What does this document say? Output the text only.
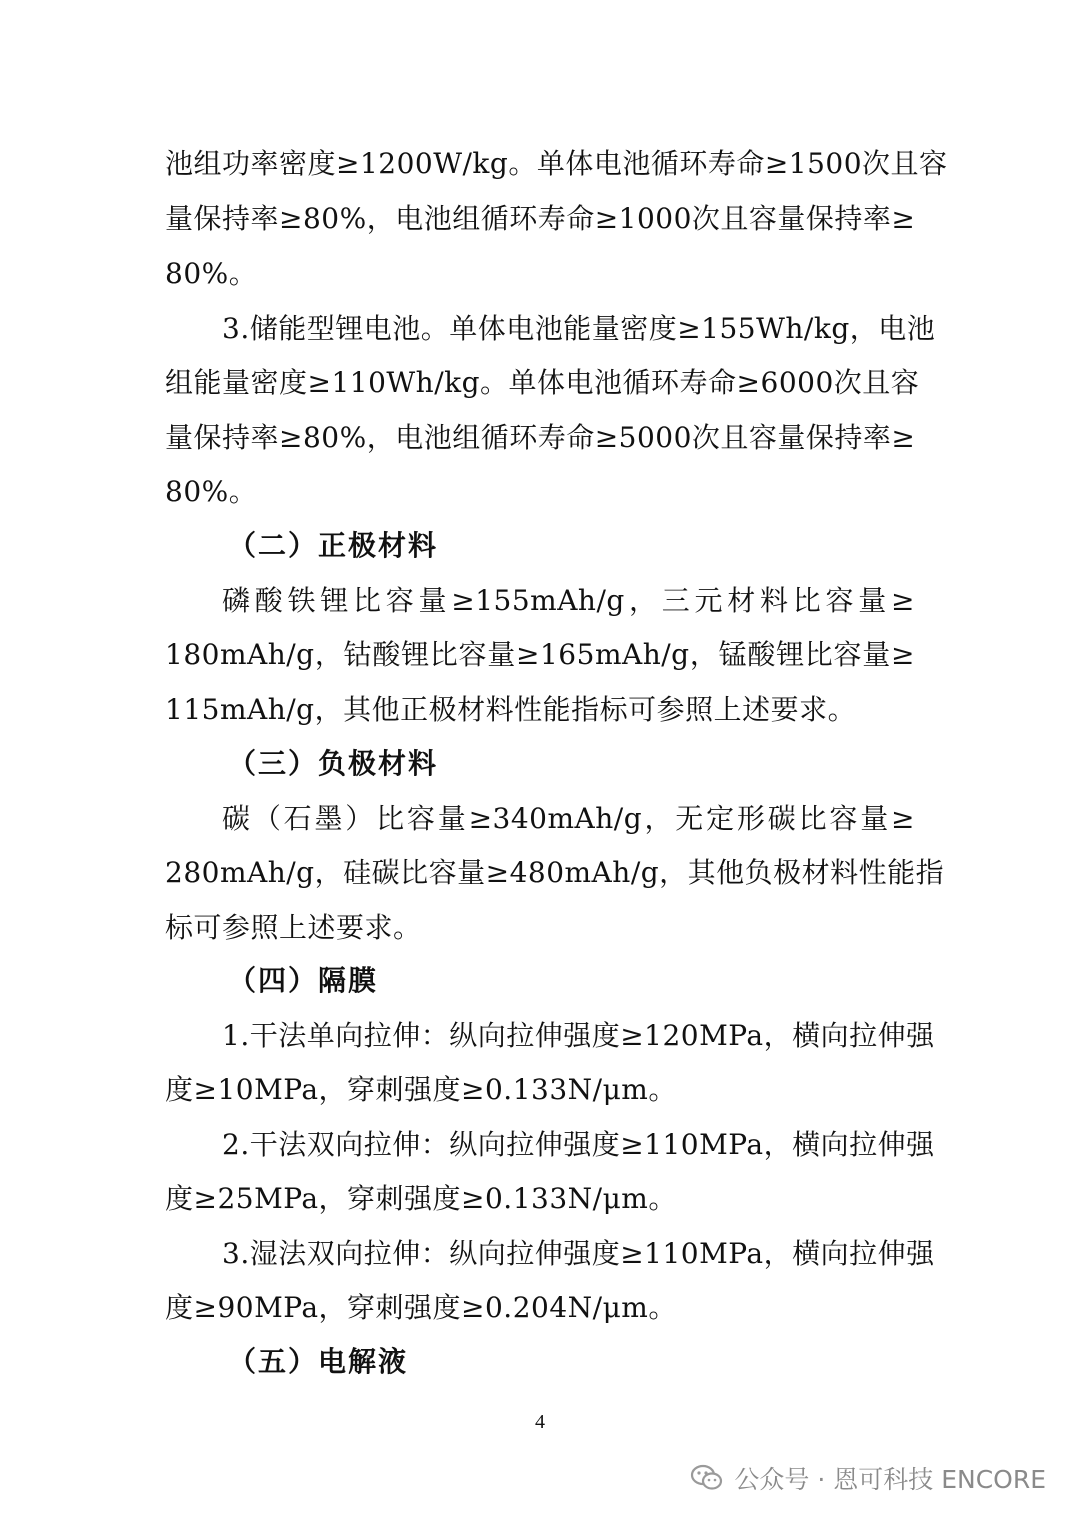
池组功率密度≥1200W/kg。单体电池循环寿命≥1500次且容
量保持率≥80%，电池组循环寿命≥1000次且容量保持率≥
80%。
3.储能型锂电池。单体电池能量密度≥155Wh/kg，电池
组能量密度≥110Wh/kg。单体电池循环寿命≥6000次且容
量保持率≥80%，电池组循环寿命≥5000次且容量保持率≥
80%。
（二）正极材料
磷酸铁锂比容量≥155mAh/g，三元材料比容量≥
180mAh/g，钴酸锂比容量≥165mAh/g，锰酸锂比容量≥
115mAh/g，其他正极材料性能指标可参照上述要求。
（三）负极材料
碳（石墨）比容量≥340mAh/g，无定形碳比容量≥
280mAh/g，硅碳比容量≥480mAh/g，其他负极材料性能指
标可参照上述要求。
（四）隔膜
1.干法单向拉伸：纵向拉伸强度≥120MPa，横向拉伸强
度≥10MPa，穿刺强度≥0.133N/μm。
2.干法双向拉伸：纵向拉伸强度≥110MPa，横向拉伸强
度≥25MPa，穿刺强度≥0.133N/μm。
3.湿法双向拉伸：纵向拉伸强度≥110MPa，横向拉伸强
度≥90MPa，穿刺强度≥0.204N/μm。
（五）电解液
4
公众号 · 恩可科技 ENCORE
